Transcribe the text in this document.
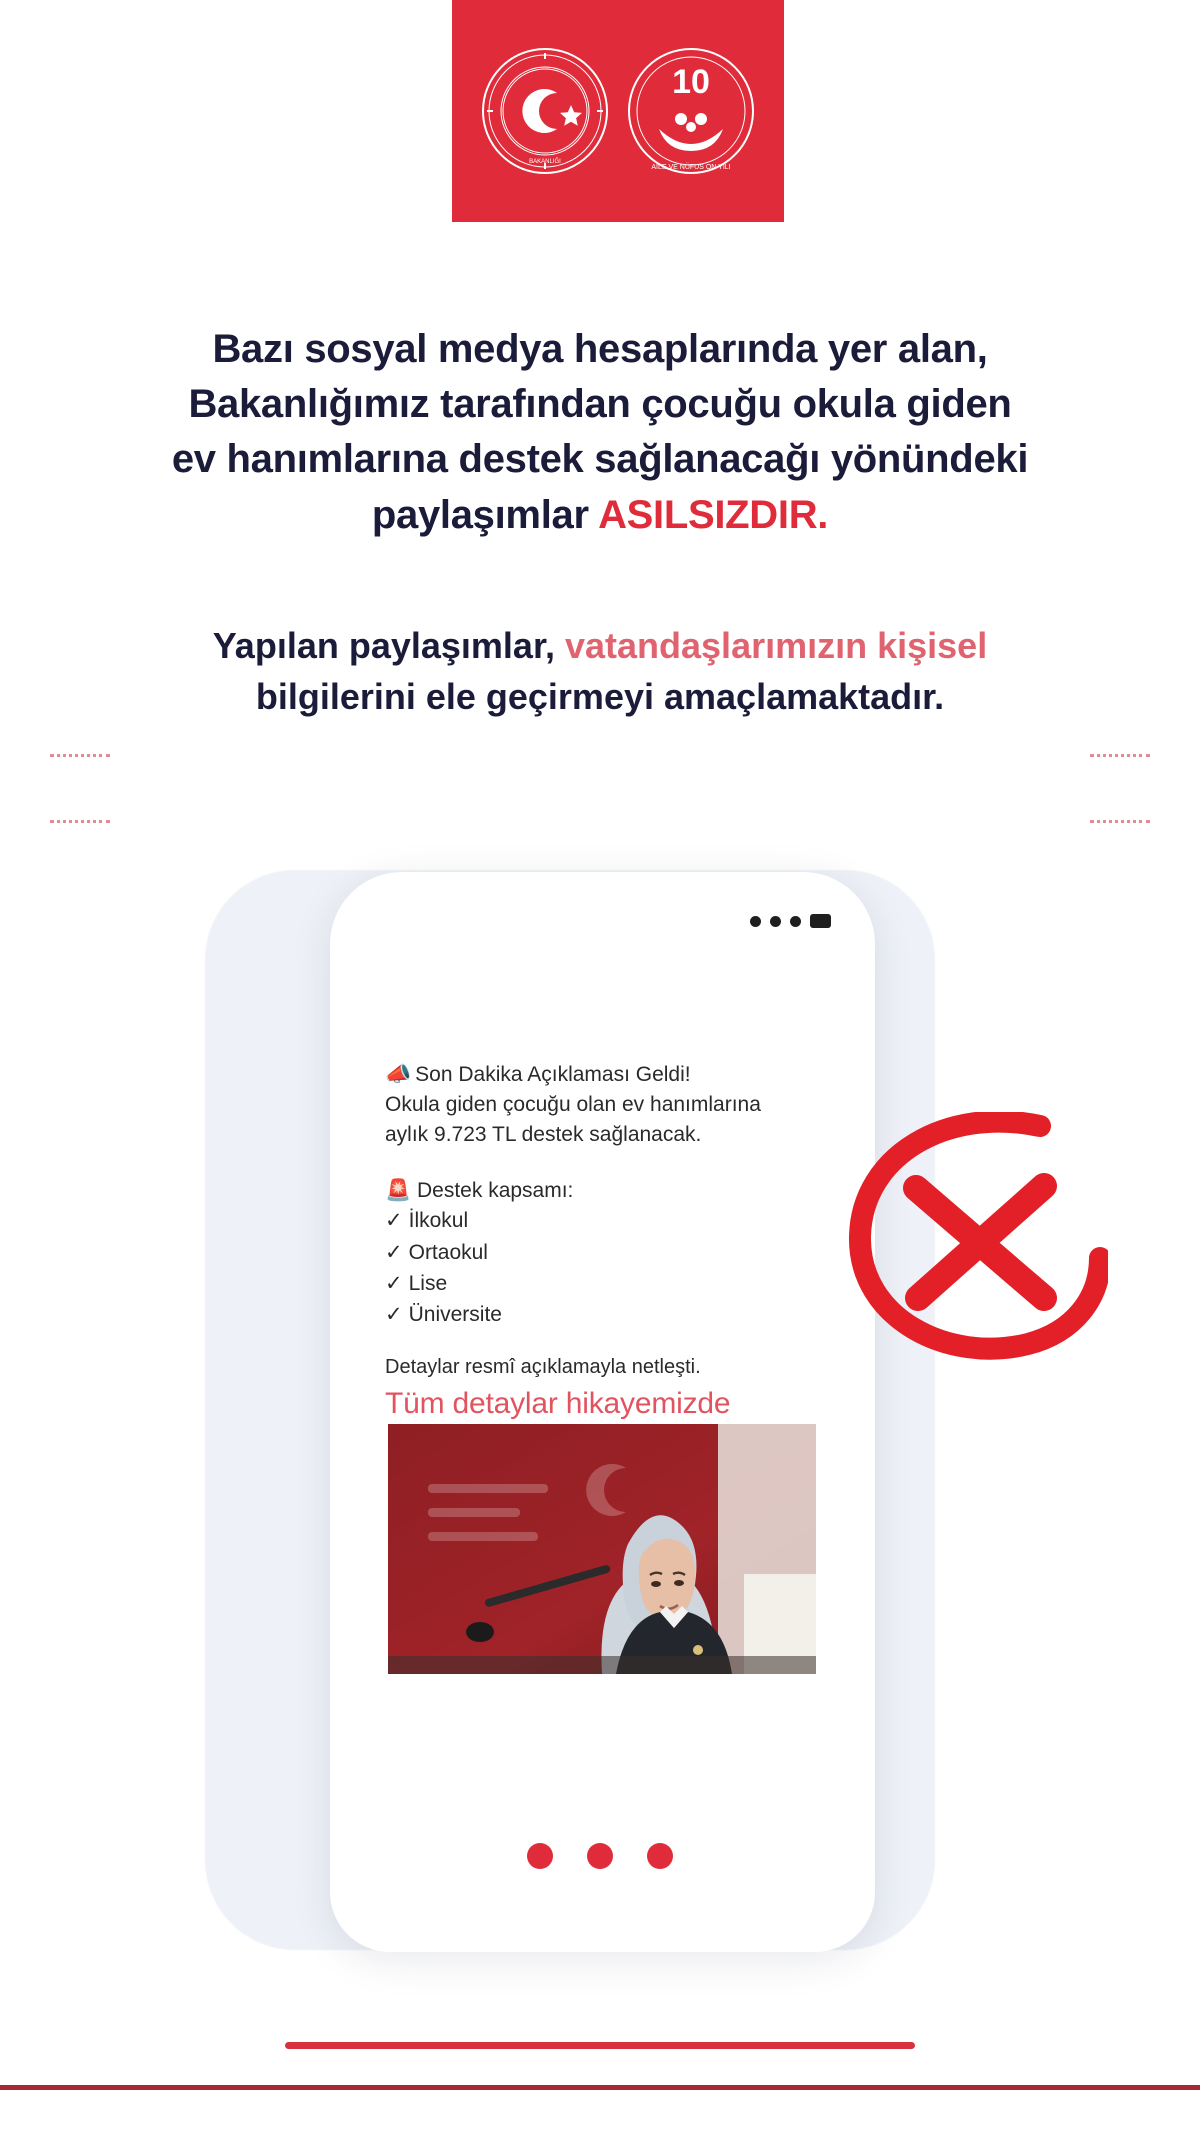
BAKANLIĞI
10
AİLE VE NÜFUS ON YILI
Bazı sosyal medya hesaplarında yer alan,
Bakanlığımız tarafından çocuğu okula giden
ev hanımlarına destek sağlanacağı yönündeki
paylaşımlar ASILSIZDIR.
Yapılan paylaşımlar, vatandaşlarımızın kişisel
bilgilerini ele geçirmeyi amaçlamaktadır.

📣 Son Dakika Açıklaması Geldi!
Okula giden çocuğu olan ev hanımlarına
aylık 9.723 TL destek sağlanacak.

🚨 Destek kapsamı:
✓ İlkokul
✓ Ortaokul
✓ Lise
✓ Üniversite
Detaylar resmî açıklamayla netleşti.
Tüm detaylar hikayemizde
